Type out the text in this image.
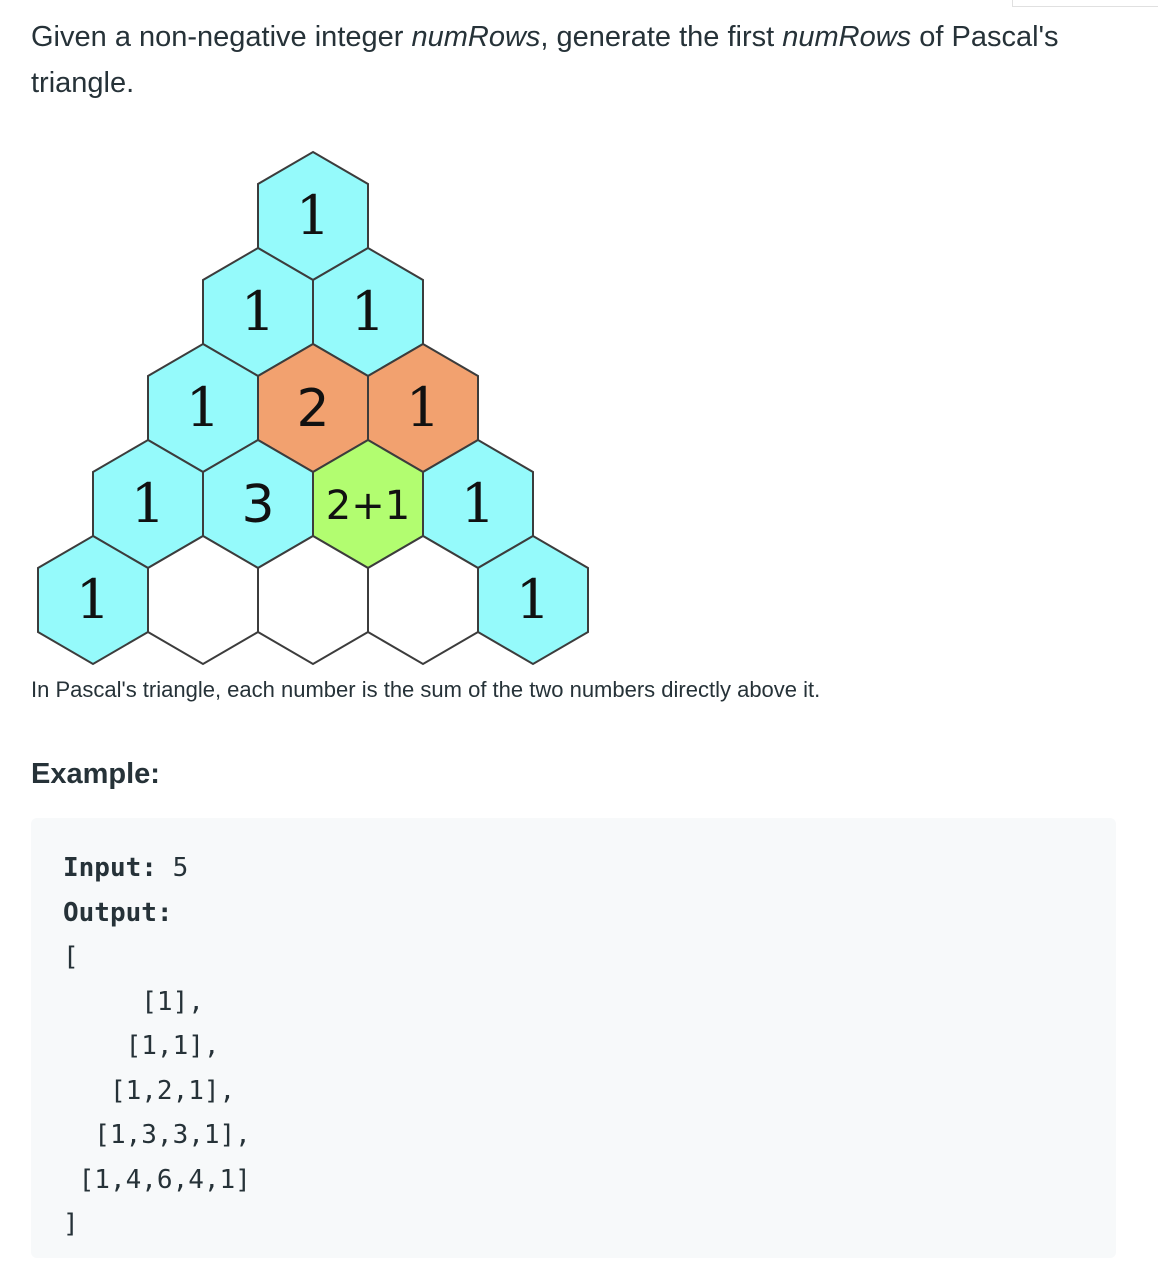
Given a non-negative integer numRows, generate the first numRows of Pascal's triangle.

1
1 1
1 2 1
1 3 2+1 1
1	1

In Pascal's triangle, each number is the sum of the two numbers directly above it.

Example:
Input: 5
Output:
[
[1],
[1,1],
[1,2,1],
[1,3,3,1],
[1,4,6,4,1]
]
